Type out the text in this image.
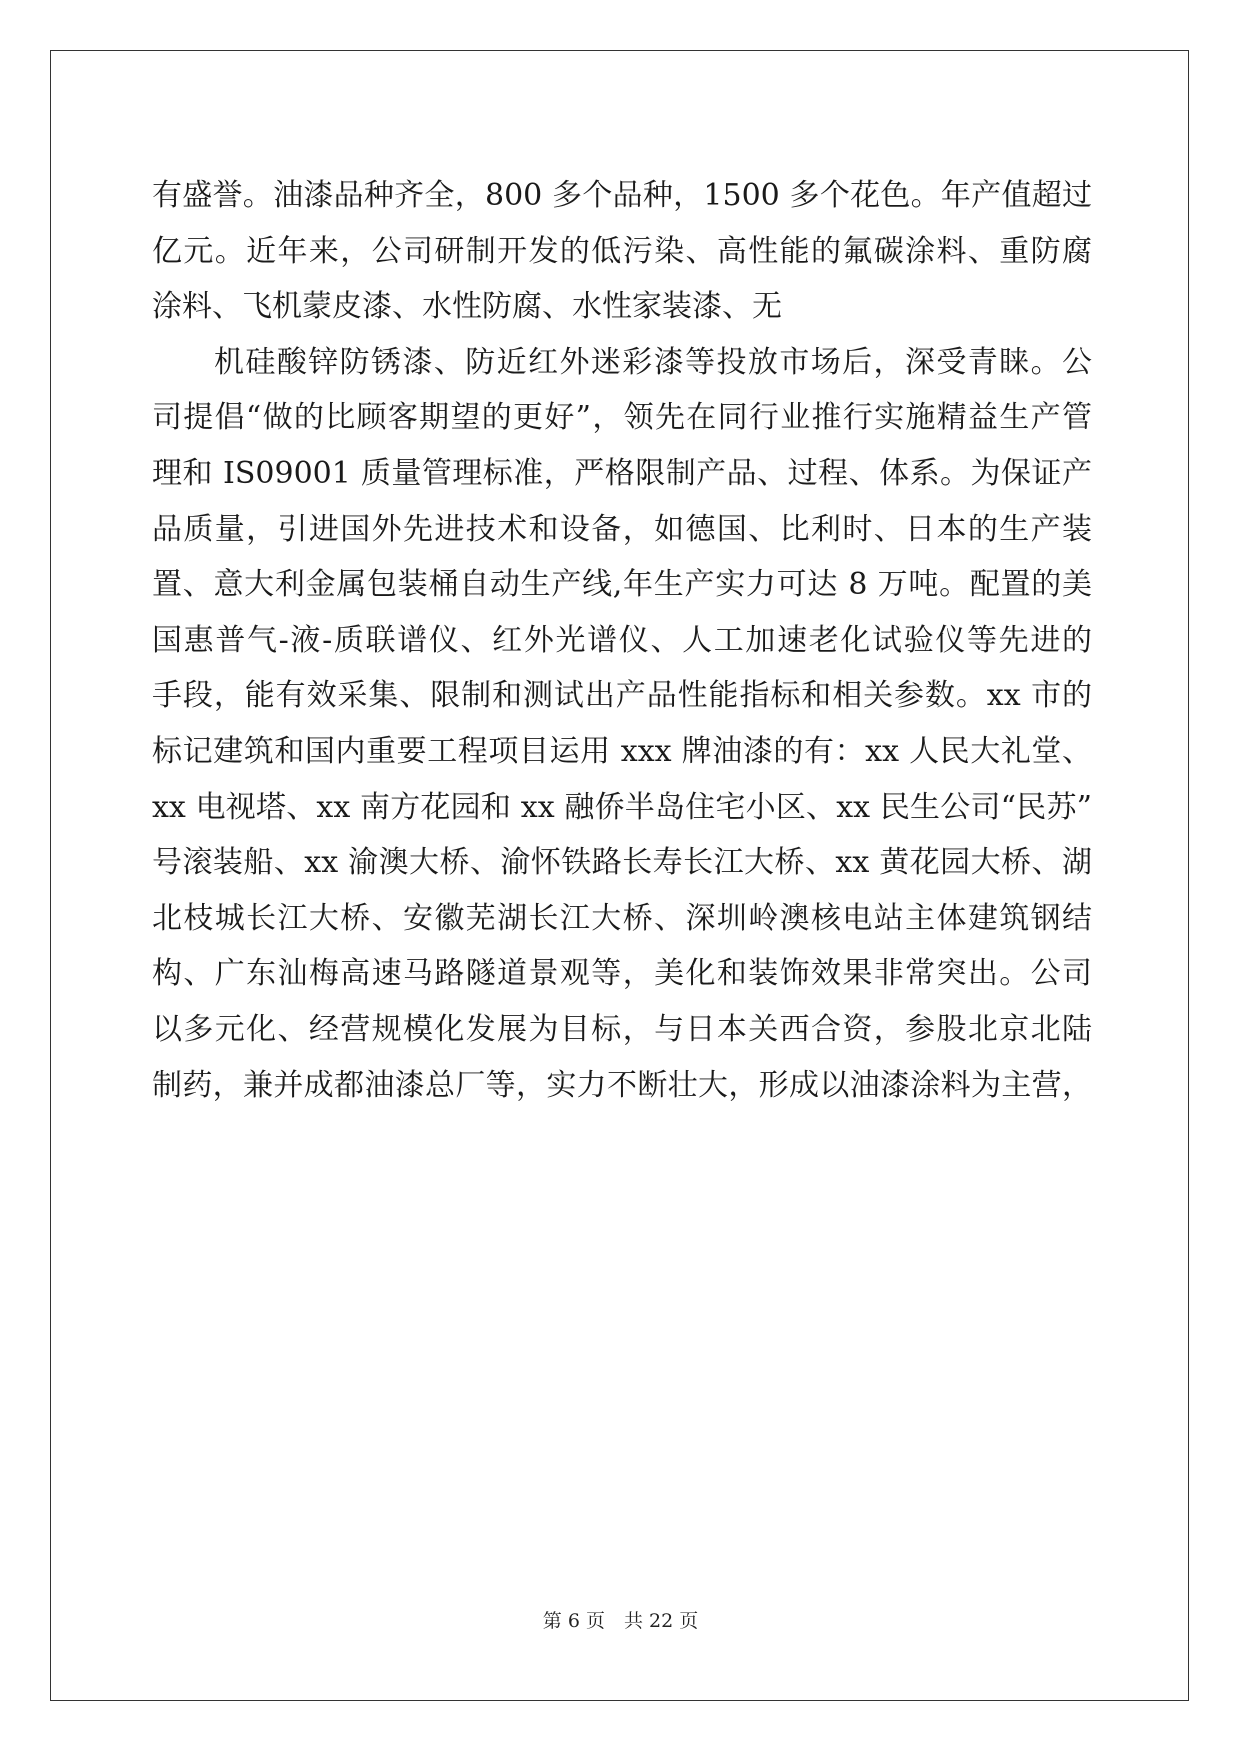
有盛誉。油漆品种齐全，800 多个品种，1500 多个花色。年产值超过
亿元。近年来，公司研制开发的低污染、高性能的氟碳涂料、重防腐
涂料、飞机蒙皮漆、水性防腐、水性家装漆、无
机硅酸锌防锈漆、防近红外迷彩漆等投放市场后，深受青睐。公
司提倡“做的比顾客期望的更好”，领先在同行业推行实施精益生产管
理和 IS09001 质量管理标准，严格限制产品、过程、体系。为保证产
品质量，引进国外先进技术和设备，如德国、比利时、日本的生产装
置、意大利金属包装桶自动生产线,年生产实力可达 8 万吨。配置的美
国惠普气-液-质联谱仪、红外光谱仪、人工加速老化试验仪等先进的
手段，能有效采集、限制和测试出产品性能指标和相关参数。xx 市的
标记建筑和国内重要工程项目运用 xxx 牌油漆的有：xx 人民大礼堂、
xx 电视塔、xx 南方花园和 xx 融侨半岛住宅小区、xx 民生公司“民苏”
号滚装船、xx 渝澳大桥、渝怀铁路长寿长江大桥、xx 黄花园大桥、湖
北枝城长江大桥、安徽芜湖长江大桥、深圳岭澳核电站主体建筑钢结
构、广东汕梅高速马路隧道景观等，美化和装饰效果非常突出。公司
以多元化、经营规模化发展为目标，与日本关西合资，参股北京北陆
制药，兼并成都油漆总厂等，实力不断壮大，形成以油漆涂料为主营，
第 6 页　共 22 页
